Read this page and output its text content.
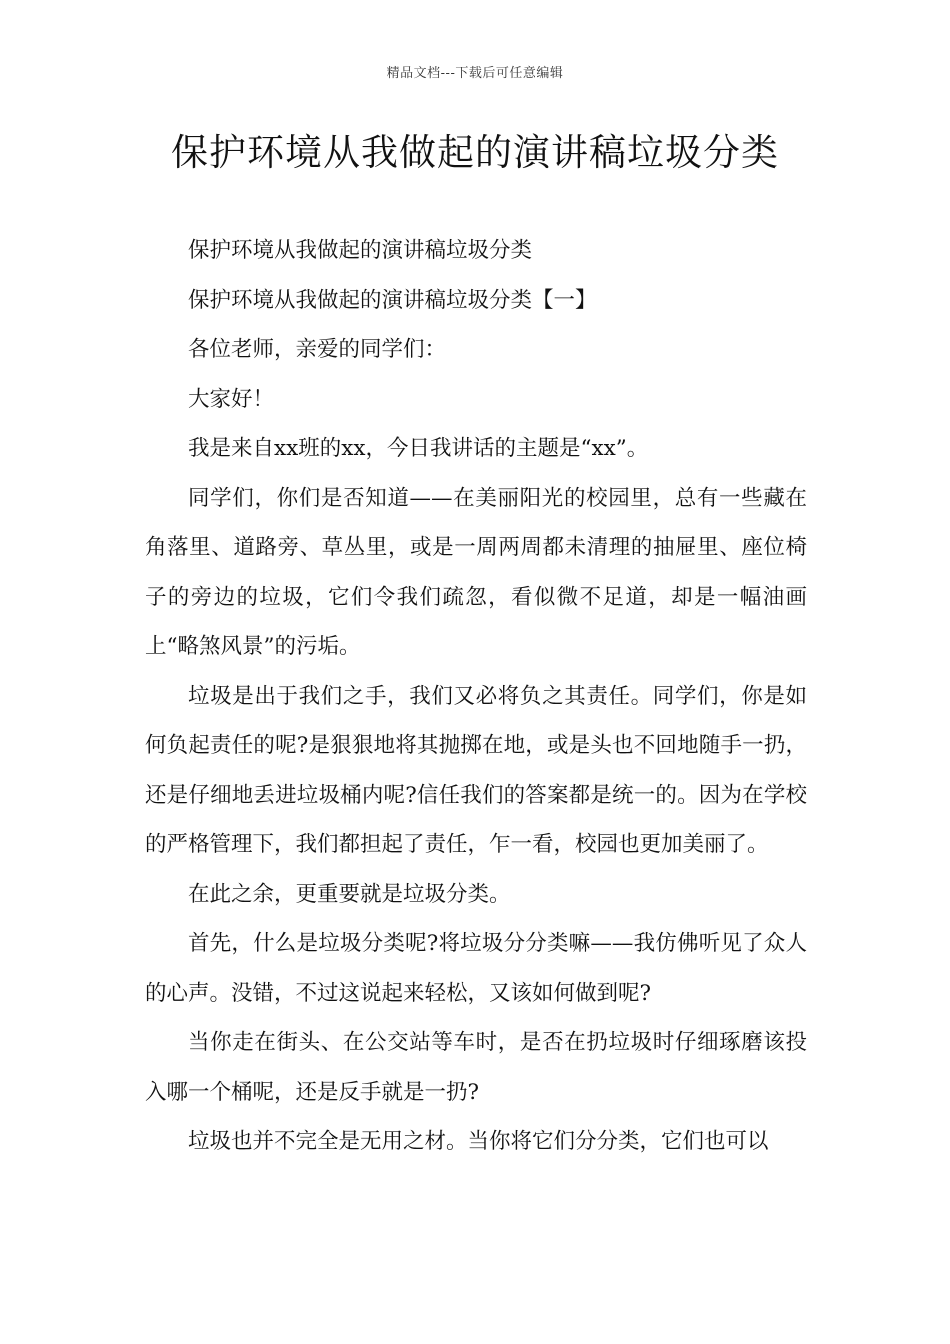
精品文档---下载后可任意编辑
保护环境从我做起的演讲稿垃圾分类

保护环境从我做起的演讲稿垃圾分类

保护环境从我做起的演讲稿垃圾分类【一】

各位老师，亲爱的同学们：

大家好！

我是来自xx班的xx，今日我讲话的主题是“xx”。

同学们，你们是否知道——在美丽阳光的校园里，总有一些藏在角落里、道路旁、草丛里，或是一周两周都未清理的抽屉里、座位椅子的旁边的垃圾，它们令我们疏忽，看似微不足道，却是一幅油画上“略煞风景”的污垢。

垃圾是出于我们之手，我们又必将负之其责任。同学们，你是如何负起责任的呢?是狠狠地将其抛掷在地，或是头也不回地随手一扔，还是仔细地丢进垃圾桶内呢?信任我们的答案都是统一的。因为在学校的严格管理下，我们都担起了责任，乍一看，校园也更加美丽了。

在此之余，更重要就是垃圾分类。

首先，什么是垃圾分类呢?将垃圾分分类嘛——我仿佛听见了众人的心声。没错，不过这说起来轻松，又该如何做到呢?

当你走在街头、在公交站等车时，是否在扔垃圾时仔细琢磨该投入哪一个桶呢，还是反手就是一扔?

垃圾也并不完全是无用之材。当你将它们分分类，它们也可以
